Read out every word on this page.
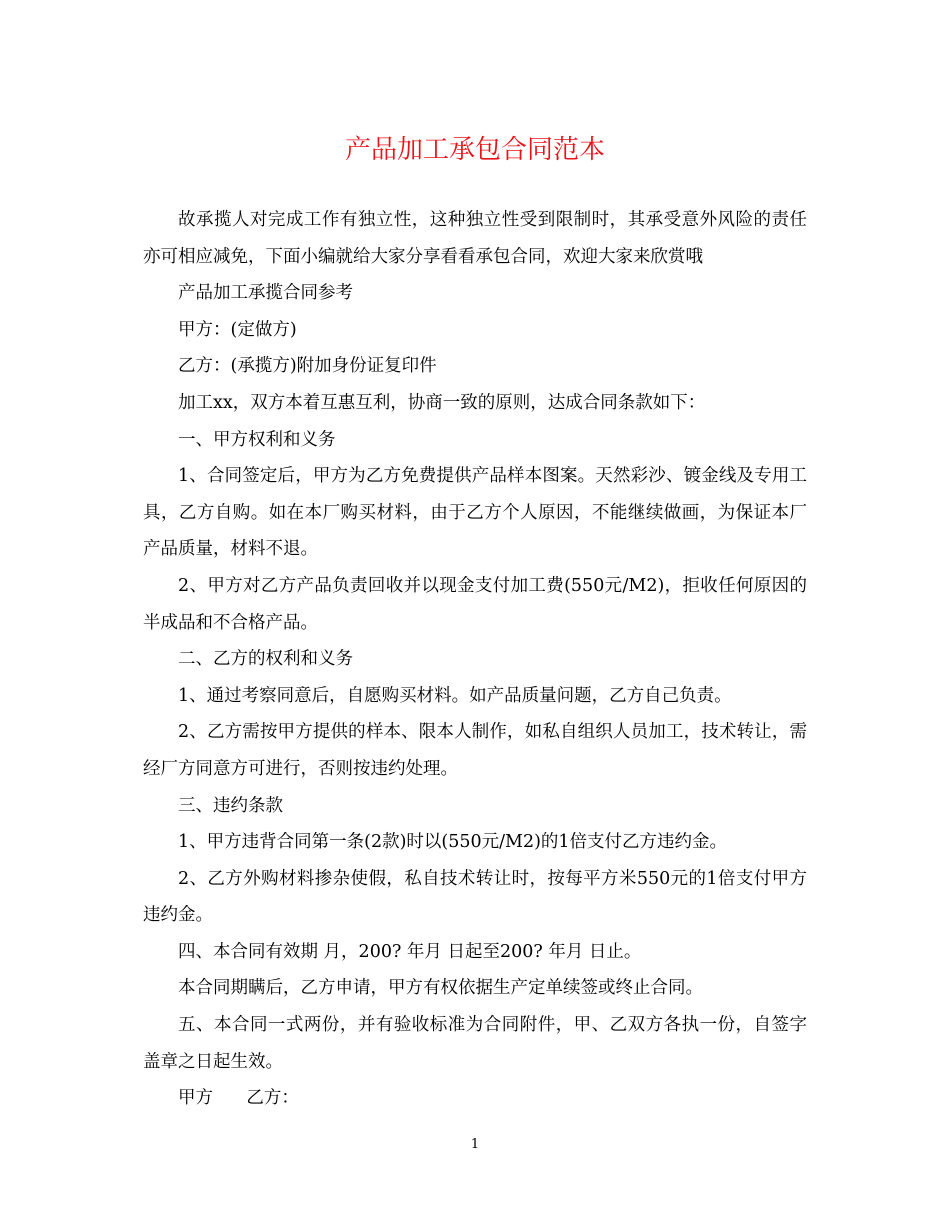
产品加工承包合同范本

故承揽人对完成工作有独立性，这种独立性受到限制时，其承受意外风险的责任亦可相应减免，下面小编就给大家分享看看承包合同，欢迎大家来欣赏哦

产品加工承揽合同参考

甲方：(定做方)

乙方：(承揽方)附加身份证复印件

加工xx，双方本着互惠互利，协商一致的原则，达成合同条款如下：

一、甲方权利和义务

1、合同签定后，甲方为乙方免费提供产品样本图案。天然彩沙、镀金线及专用工具，乙方自购。如在本厂购买材料，由于乙方个人原因，不能继续做画，为保证本厂产品质量，材料不退。

2、甲方对乙方产品负责回收并以现金支付加工费(550元/M2)，拒收任何原因的半成品和不合格产品。

二、乙方的权利和义务

1、通过考察同意后，自愿购买材料。如产品质量问题，乙方自己负责。

2、乙方需按甲方提供的样本、限本人制作，如私自组织人员加工，技术转让，需经厂方同意方可进行，否则按违约处理。

三、违约条款

1、甲方违背合同第一条(2款)时以(550元/M2)的1倍支付乙方违约金。

2、乙方外购材料掺杂使假，私自技术转让时，按每平方米550元的1倍支付甲方违约金。

四、本合同有效期 月，200? 年月 日起至200? 年月 日止。

本合同期瞒后，乙方申请，甲方有权依据生产定单续签或终止合同。

五、本合同一式两份，并有验收标准为合同附件，甲、乙双方各执一份，自签字盖章之日起生效。

甲方 乙方：

1
